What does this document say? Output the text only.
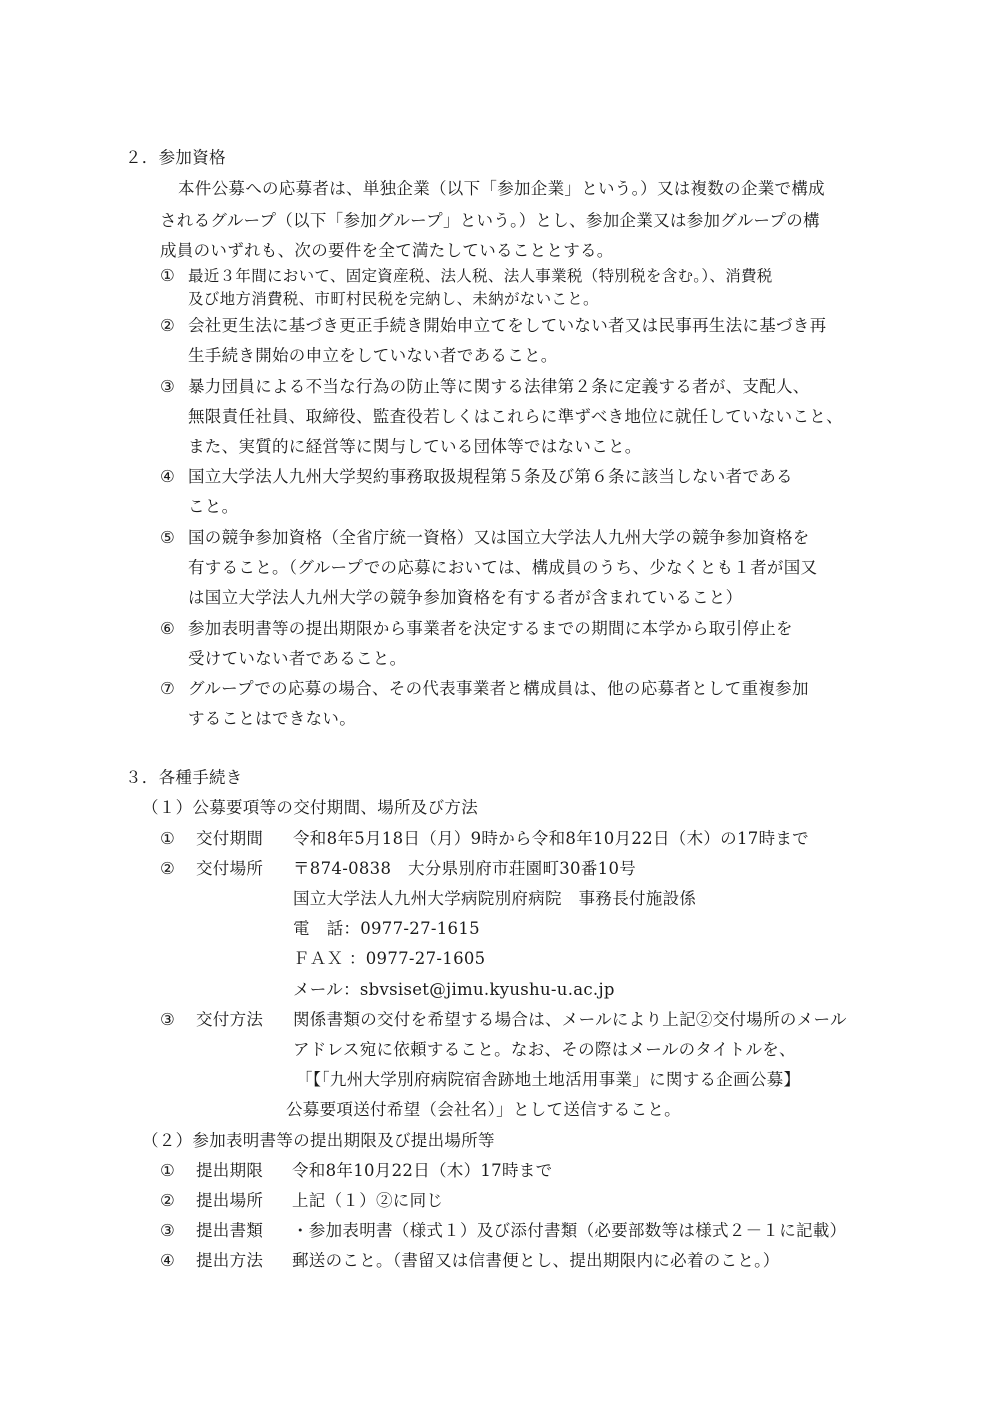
２．参加資格
本件公募への応募者は、単独企業（以下「参加企業」という。）又は複数の企業で構成
されるグループ（以下「参加グループ」という。）とし、参加企業又は参加グループの構
成員のいずれも、次の要件を全て満たしていることとする。
① 最近３年間において、固定資産税、法人税、法人事業税（特別税を含む。）、消費税
及び地方消費税、市町村民税を完納し、未納がないこと。
② 会社更生法に基づき更正手続き開始申立てをしていない者又は民事再生法に基づき再
生手続き開始の申立をしていない者であること。
③ 暴力団員による不当な行為の防止等に関する法律第２条に定義する者が、支配人、
無限責任社員、取締役、監査役若しくはこれらに準ずべき地位に就任していないこと、
また、実質的に経営等に関与している団体等ではないこと。
④ 国立大学法人九州大学契約事務取扱規程第５条及び第６条に該当しない者である
こと。
⑤ 国の競争参加資格（全省庁統一資格）又は国立大学法人九州大学の競争参加資格を
有すること。（グループでの応募においては、構成員のうち、少なくとも１者が国又
は国立大学法人九州大学の競争参加資格を有する者が含まれていること）
⑥ 参加表明書等の提出期限から事業者を決定するまでの期間に本学から取引停止を
受けていない者であること。
⑦ グループでの応募の場合、その代表事業者と構成員は、他の応募者として重複参加
することはできない。
３．各種手続き
（１）公募要項等の交付期間、場所及び方法
① 交付期間 令和8年5月18日（月）9時から令和8年10月22日（木）の17時まで
② 交付場所 〒874-0838　大分県別府市荘園町30番10号
国立大学法人九州大学病院別府病院　事務長付施設係
電　話：0977-27-1615
ＦＡＸ ：0977-27-1605
メール：sbvsiset@jimu.kyushu-u.ac.jp
③ 交付方法 関係書類の交付を希望する場合は、メールにより上記②交付場所のメール
アドレス宛に依頼すること。なお、その際はメールのタイトルを、
「【「九州大学別府病院宿舎跡地土地活用事業」に関する企画公募】
公募要項送付希望（会社名）」として送信すること。
（２）参加表明書等の提出期限及び提出場所等
① 提出期限 令和8年10月22日（木）17時まで
② 提出場所 上記（１）②に同じ
③ 提出書類 ・参加表明書（様式１）及び添付書類（必要部数等は様式２－１に記載）
④ 提出方法 郵送のこと。（書留又は信書便とし、提出期限内に必着のこと。）
